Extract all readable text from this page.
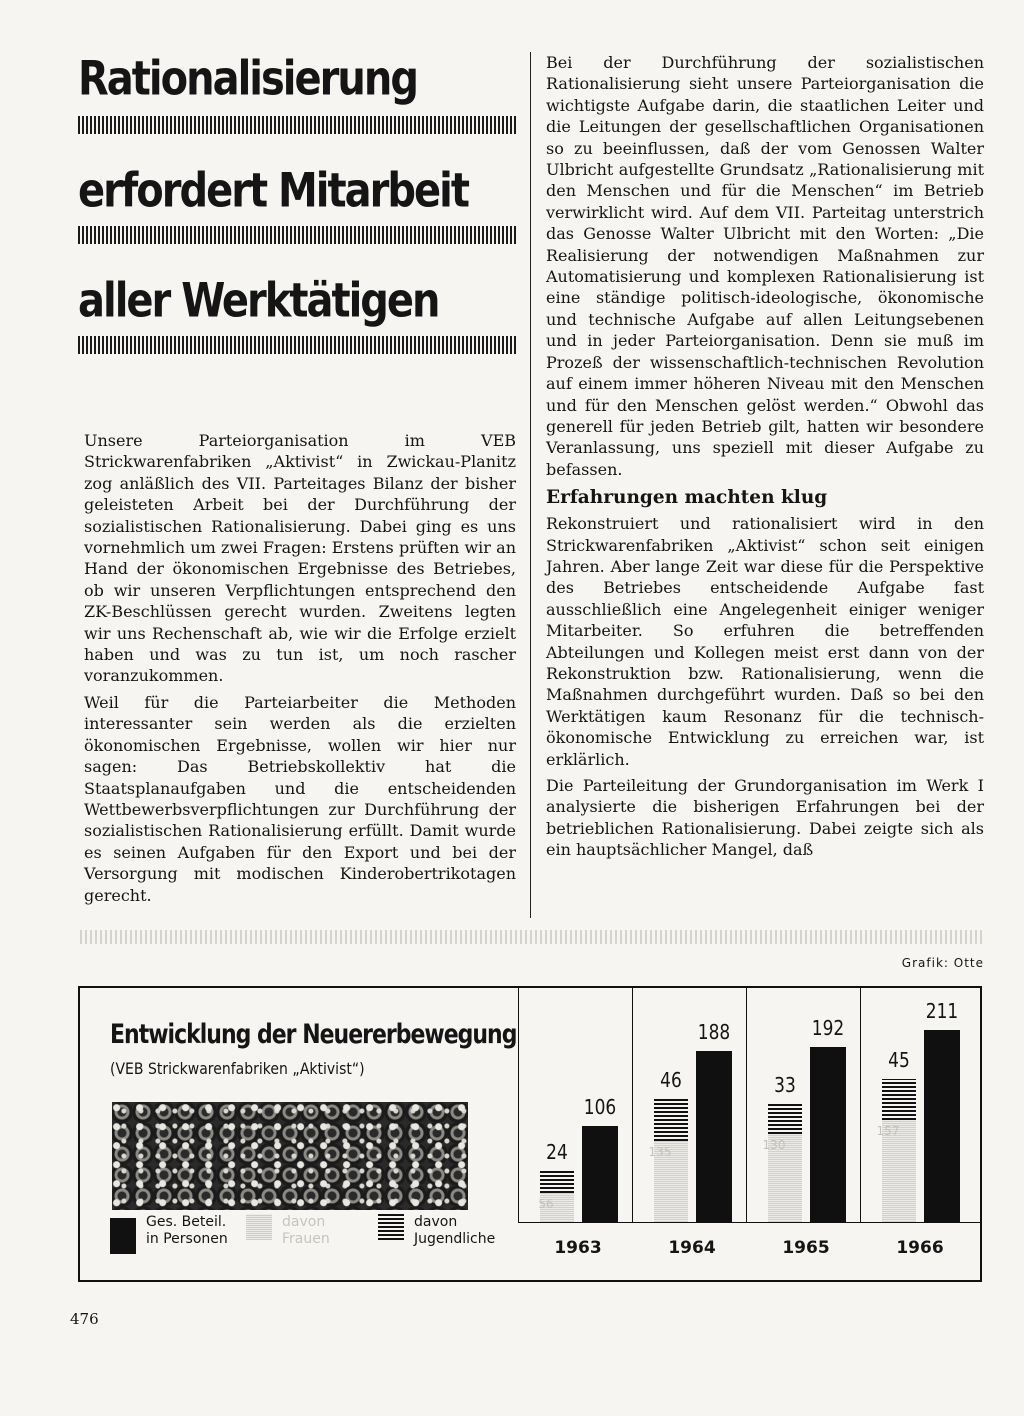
Rationalisierung
erfordert Mitarbeit
aller Werktätigen

Unsere Parteiorganisation im VEB Strickwarenfabriken „Aktivist“ in Zwickau-Planitz zog anläßlich des VII. Parteitages Bilanz der bisher geleisteten Arbeit bei der Durchführung der sozialistischen Rationalisierung. Dabei ging es uns vornehmlich um zwei Fragen: Erstens prüften wir an Hand der ökonomischen Ergebnisse des Betriebes, ob wir unseren Verpflichtungen entsprechend den ZK-Beschlüssen gerecht wurden. Zweitens legten wir uns Rechenschaft ab, wie wir die Erfolge erzielt haben und was zu tun ist, um noch rascher voranzukommen.

Weil für die Parteiarbeiter die Methoden interessanter sein werden als die erzielten ökonomischen Ergebnisse, wollen wir hier nur sagen: Das Betriebskollektiv hat die Staatsplanaufgaben und die entscheidenden Wettbewerbsverpflichtungen zur Durchführung der sozialistischen Rationalisierung erfüllt. Damit wurde es seinen Aufgaben für den Export und bei der Versorgung mit modischen Kinderobertrikotagen gerecht.

Bei der Durchführung der sozialistischen Rationalisierung sieht unsere Parteiorganisation die wichtigste Aufgabe darin, die staatlichen Leiter und die Leitungen der gesellschaftlichen Organisationen so zu beeinflussen, daß der vom Genossen Walter Ulbricht aufgestellte Grundsatz „Rationalisierung mit den Menschen und für die Menschen“ im Betrieb verwirklicht wird. Auf dem VII. Parteitag unterstrich das Genosse Walter Ulbricht mit den Worten: „Die Realisierung der notwendigen Maßnahmen zur Automatisierung und komplexen Rationalisierung ist eine ständige politisch-ideologische, ökonomische und technische Aufgabe auf allen Leitungsebenen und in jeder Parteiorganisation. Denn sie muß im Prozeß der wissenschaftlich-technischen Revolution auf einem immer höheren Niveau mit den Menschen und für den Menschen gelöst werden.“ Obwohl das generell für jeden Betrieb gilt, hatten wir besondere Veranlassung, uns speziell mit dieser Aufgabe zu befassen.

Erfahrungen machten klug

Rekonstruiert und rationalisiert wird in den Strickwarenfabriken „Aktivist“ schon seit einigen Jahren. Aber lange Zeit war diese für die Perspektive des Betriebes entscheidende Aufgabe fast ausschließlich eine Angelegenheit einiger weniger Mitarbeiter. So erfuhren die betreffenden Abteilungen und Kollegen meist erst dann von der Rekonstruktion bzw. Rationalisierung, wenn die Maßnahmen durchgeführt wurden. Daß so bei den Werktätigen kaum Resonanz für die technisch-ökonomische Entwicklung zu erreichen war, ist erklärlich.

Die Parteileitung der Grundorganisation im Werk I analysierte die bisherigen Erfahrungen bei der betrieblichen Rationalisierung. Dabei zeigte sich als ein hauptsächlicher Mangel, daß

Grafik: Otte
Entwicklung der Neuererbewegung
(VEB Strickwarenfabriken „Aktivist“)
Ges. Beteil.
in Personen
davon
Frauen
davon
Jugendliche
106
24
56
1963
188
46
135
1964
192
33
130
1965
211
45
157
1966
476
